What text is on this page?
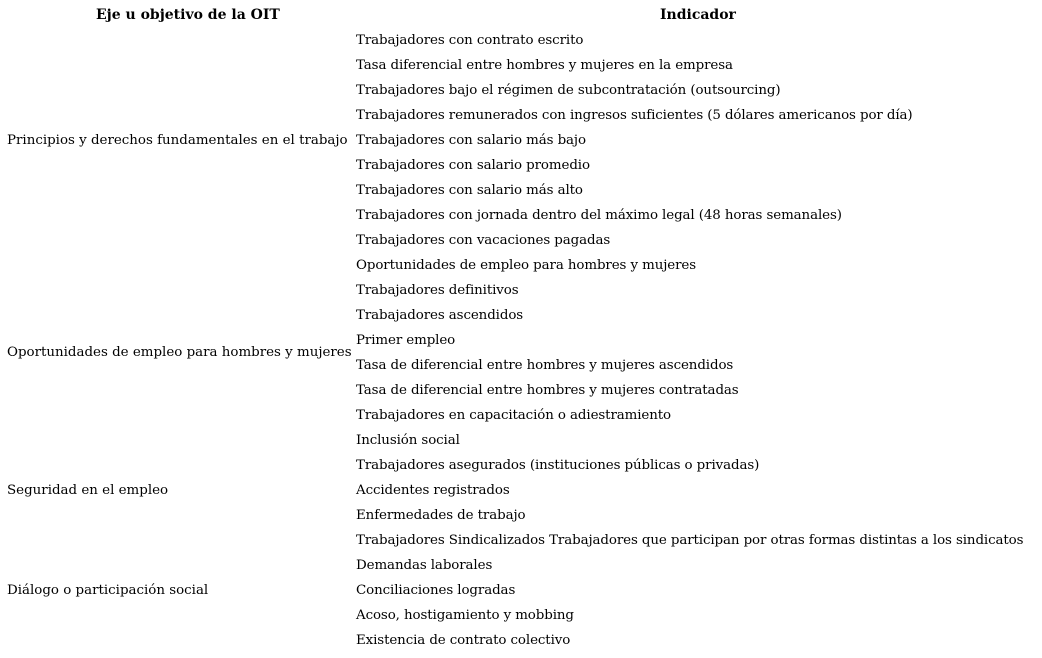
Eje u objetivo de la OIT	Indicador
Principios y derechos fundamentales en el trabajo
Oportunidades de empleo para hombres y mujeres
Seguridad en el empleo
Diálogo o participación social
Trabajadores con contrato escrito
Tasa diferencial entre hombres y mujeres en la empresa
Trabajadores bajo el régimen de subcontratación (outsourcing)
Trabajadores remunerados con ingresos suficientes (5 dólares americanos por día)
Trabajadores con salario más bajo
Trabajadores con salario promedio
Trabajadores con salario más alto
Trabajadores con jornada dentro del máximo legal (48 horas semanales)
Trabajadores con vacaciones pagadas
Oportunidades de empleo para hombres y mujeres
Trabajadores definitivos
Trabajadores ascendidos
Primer empleo
Tasa de diferencial entre hombres y mujeres ascendidos
Tasa de diferencial entre hombres y mujeres contratadas
Trabajadores en capacitación o adiestramiento
Inclusión social
Trabajadores asegurados (instituciones públicas o privadas)
Accidentes registrados
Enfermedades de trabajo
Trabajadores Sindicalizados Trabajadores que participan por otras formas distintas a los sindicatos
Demandas laborales
Conciliaciones logradas
Acoso, hostigamiento y mobbing
Existencia de contrato colectivo
